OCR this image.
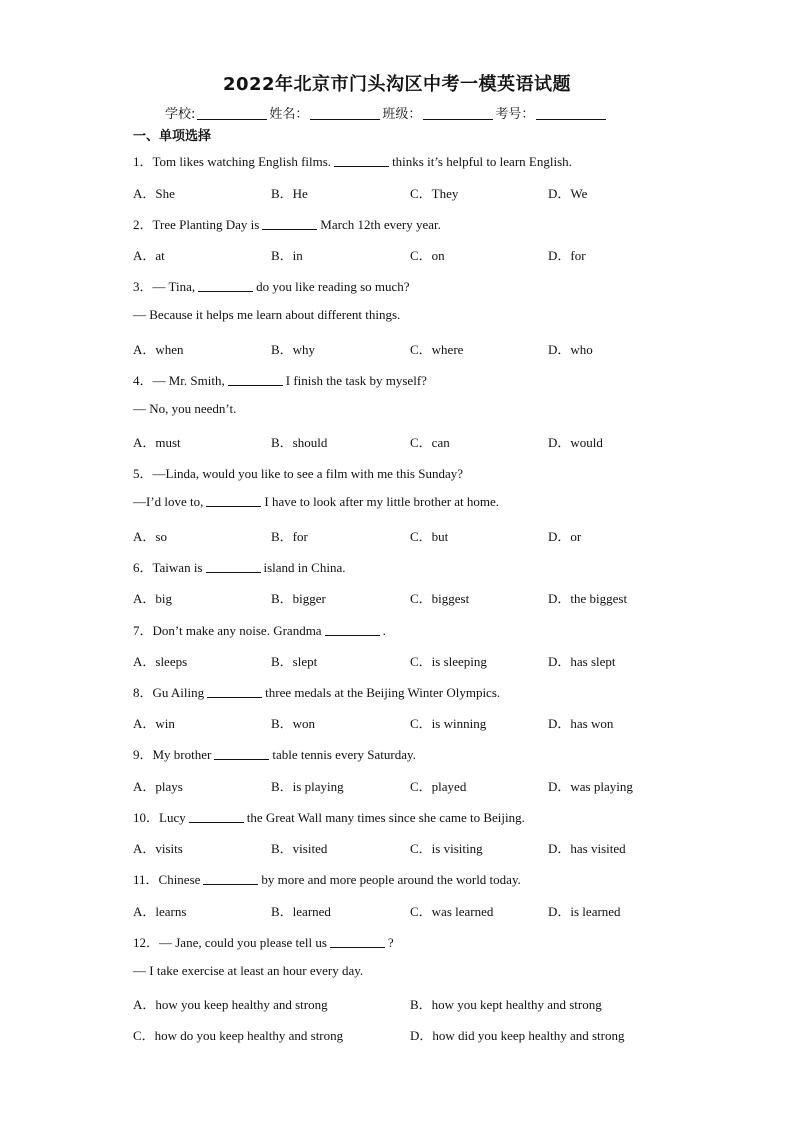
2022年北京市门头沟区中考一模英语试题
学校:	姓名：	班级：	考号：
一、单项选择
1．Tom likes watching English films.	thinks it’s helpful to learn English.
A．She	B．He	C．They	D．We
2．Tree Planting Day is	March 12th every year.
A．at	B．in	C．on	D．for
3．— Tina,	do you like reading so much?
— Because it helps me learn about different things.
A．when	B．why	C．where	D．who
4．— Mr. Smith,	I finish the task by myself?
— No, you needn’t.
A．must	B．should	C．can	D．would
5．—Linda, would you like to see a film with me this Sunday?
—I’d love to,	I have to look after my little brother at home.
A．so	B．for	C．but	D．or
6．Taiwan is	island in China.
A．big	B．bigger	C．biggest	D．the biggest
7．Don’t make any noise. Grandma	.
A．sleeps	B．slept	C．is sleeping	D．has slept
8．Gu Ailing	three medals at the Beijing Winter Olympics.
A．win	B．won	C．is winning	D．has won
9．My brother	table tennis every Saturday.
A．plays	B．is playing	C．played	D．was playing
10．Lucy	the Great Wall many times since she came to Beijing.
A．visits	B．visited	C．is visiting	D．has visited
11．Chinese	by more and more people around the world today.
A．learns	B．learned	C．was learned	D．is learned
12．— Jane, could you please tell us	?
— I take exercise at least an hour every day.
A．how you keep healthy and strong	B．how you kept healthy and strong
C．how do you keep healthy and strong	D．how did you keep healthy and strong
